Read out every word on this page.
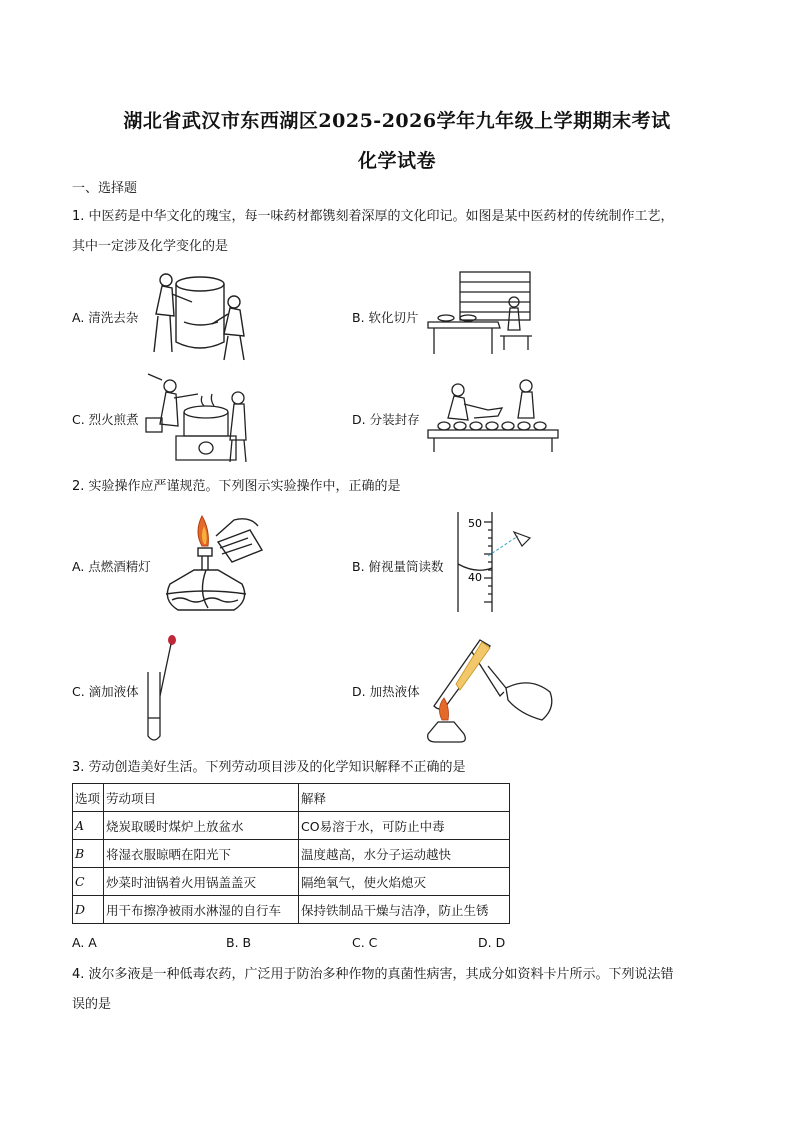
湖北省武汉市东西湖区2025-2026学年九年级上学期期末考试
化学试卷
一、选择题
1. 中医药是中华文化的瑰宝，每一味药材都镌刻着深厚的文化印记。如图是某中医药材的传统制作工艺，
其中一定涉及化学变化的是
A. 清洗去杂	B. 软化切片
C. 烈火煎煮	D. 分装封存
2. 实验操作应严谨规范。下列图示实验操作中，正确的是
A. 点燃酒精灯	B. 俯视量筒读数
C. 滴加液体	D. 加热液体
50
40
3. 劳动创造美好生活。下列劳动项目涉及的化学知识解释不正确的是
选项	劳动项目	解释
A	烧炭取暖时煤炉上放盆水	CO易溶于水，可防止中毒
B	将湿衣服晾晒在阳光下	温度越高，水分子运动越快
C	炒菜时油锅着火用锅盖盖灭	隔绝氧气，使火焰熄灭
D	用干布擦净被雨水淋湿的自行车	保持铁制品干燥与洁净，防止生锈
A. A	B. B	C. C	D. D
4. 波尔多液是一种低毒农药，广泛用于防治多种作物的真菌性病害，其成分如资料卡片所示。下列说法错
误的是
